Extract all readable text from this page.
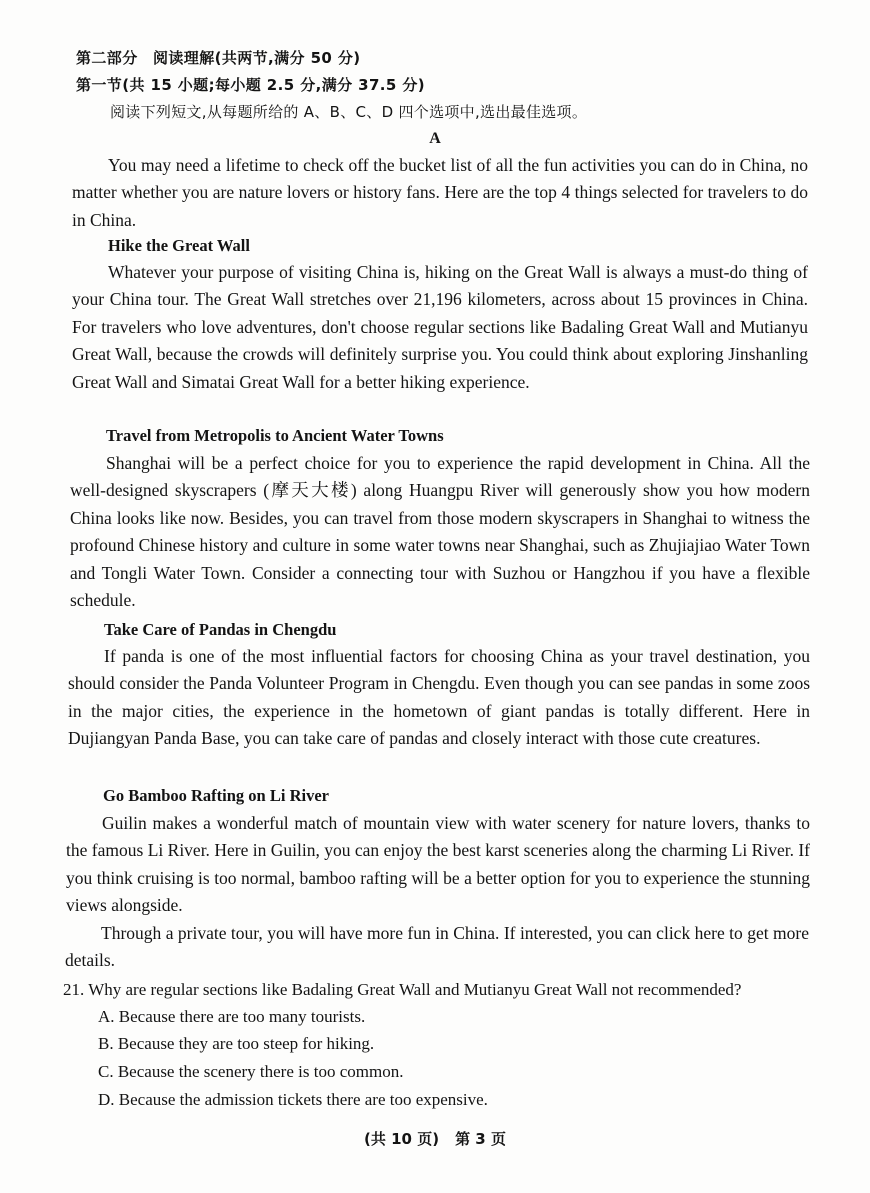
第二部分　阅读理解(共两节,满分 50 分)
第一节(共 15 小题;每小题 2.5 分,满分 37.5 分)
阅读下列短文,从每题所给的 A、B、C、D 四个选项中,选出最佳选项。
A

You may need a lifetime to check off the bucket list of all the fun activities you can do in China, no matter whether you are nature lovers or history fans. Here are the top 4 things selected for travelers to do in China.

Hike the Great Wall

Whatever your purpose of visiting China is, hiking on the Great Wall is always a must-do thing of your China tour. The Great Wall stretches over 21,196 kilometers, across about 15 provinces in China. For travelers who love adventures, don't choose regular sections like Badaling Great Wall and Mutianyu Great Wall, because the crowds will definitely surprise you. You could think about exploring Jinshanling Great Wall and Simatai Great Wall for a better hiking experience.

Travel from Metropolis to Ancient Water Towns

Shanghai will be a perfect choice for you to experience the rapid development in China. All the well-designed skyscrapers (摩天大楼) along Huangpu River will generously show you how modern China looks like now. Besides, you can travel from those modern skyscrapers in Shanghai to witness the profound Chinese history and culture in some water towns near Shanghai, such as Zhujiajiao Water Town and Tongli Water Town. Consider a connecting tour with Suzhou or Hangzhou if you have a flexible schedule.

Take Care of Pandas in Chengdu

If panda is one of the most influential factors for choosing China as your travel destination, you should consider the Panda Volunteer Program in Chengdu. Even though you can see pandas in some zoos in the major cities, the experience in the hometown of giant pandas is totally different. Here in Dujiangyan Panda Base, you can take care of pandas and closely interact with those cute creatures.

Go Bamboo Rafting on Li River

Guilin makes a wonderful match of mountain view with water scenery for nature lovers, thanks to the famous Li River. Here in Guilin, you can enjoy the best karst sceneries along the charming Li River. If you think cruising is too normal, bamboo rafting will be a better option for you to experience the stunning views alongside.

Through a private tour, you will have more fun in China. If interested, you can click here to get more details.

21. Why are regular sections like Badaling Great Wall and Mutianyu Great Wall not recommended?
A. Because there are too many tourists.
B. Because they are too steep for hiking.
C. Because the scenery there is too common.
D. Because the admission tickets there are too expensive.
(共 10 页) 第 3 页
